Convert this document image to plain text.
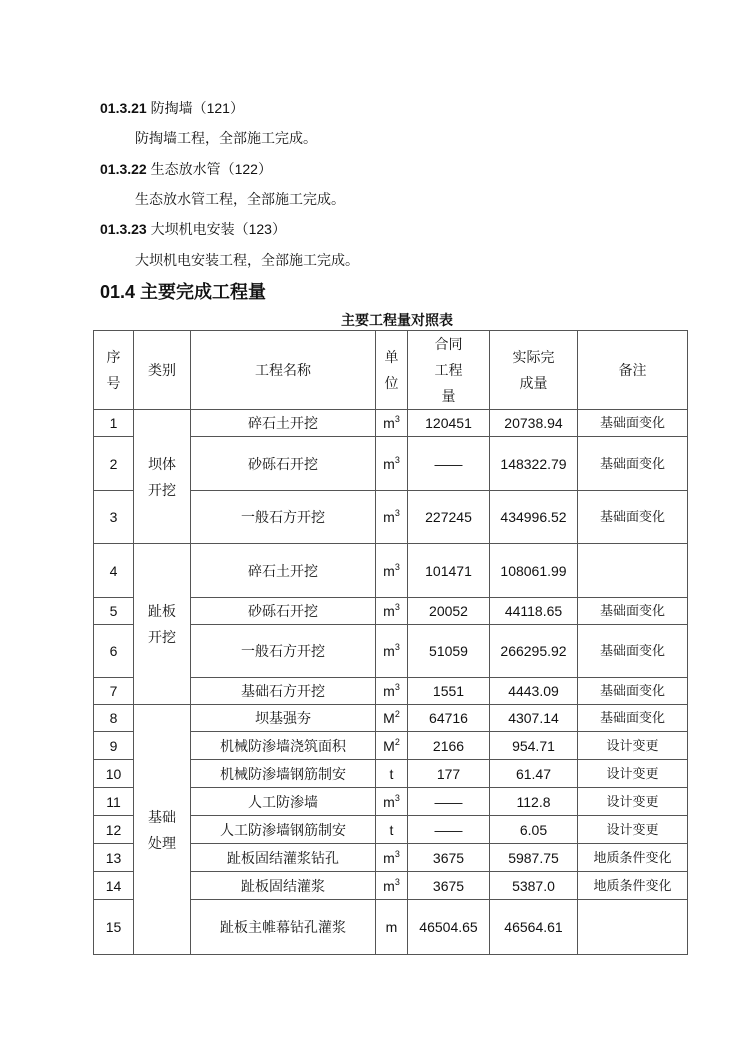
01.3.21 防掏墙（121）
防掏墙工程，全部施工完成。
01.3.22 生态放水管（122）
生态放水管工程，全部施工完成。
01.3.23 大坝机电安装（123）
大坝机电安装工程，全部施工完成。
01.4 主要完成工程量
主要工程量对照表
序号	类别	工程名称	单位	合同工程量	实际完成量	备注
1	坝体开挖	碎石土开挖	$m^3$	120451	20738.94	基础面变化
2		砂砾石开挖	$m^3$	——	148322.79	基础面变化
3		一般石方开挖	$m^3$	227245	434996.52	基础面变化
4	趾板开挖	碎石土开挖	$m^3$	101471	108061.99	
5		砂砾石开挖	$m^3$	20052	44118.65	基础面变化
6		一般石方开挖	$m^3$	51059	266295.92	基础面变化
7		基础石方开挖	$m^3$	1551	4443.09	基础面变化
8	基础处理	坝基强夯	$M^2$	64716	4307.14	基础面变化
9		机械防渗墙浇筑面积	$M^2$	2166	954.71	设计变更
10		机械防渗墙钢筋制安	t	177	61.47	设计变更
11		人工防渗墙	$m^3$	——	112.8	设计变更
12		人工防渗墙钢筋制安	t	——	6.05	设计变更
13		趾板固结灌浆钻孔	$m^3$	3675	5987.75	地质条件变化
14		趾板固结灌浆	$m^3$	3675	5387.0	地质条件变化
15		趾板主帷幕钻孔灌浆	m	46504.65	46564.61	
